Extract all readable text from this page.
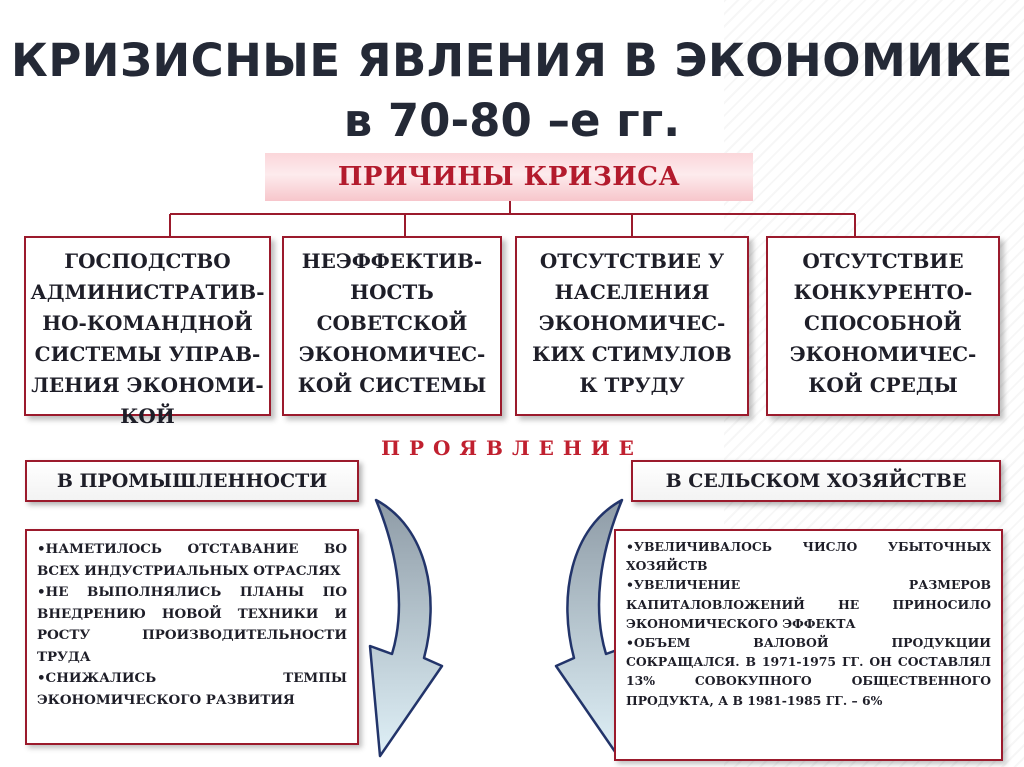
КРИЗИСНЫЕ ЯВЛЕНИЯ В ЭКОНОМИКЕ
в 70-80 –е гг.
ПРИЧИНЫ КРИЗИСА
ГОСПОДСТВО
АДМИНИСТРАТИВ-
НО-КОМАНДНОЙ
СИСТЕМЫ УПРАВ-
ЛЕНИЯ ЭКОНОМИ-
КОЙ
НЕЭФФЕКТИВ-
НОСТЬ
СОВЕТСКОЙ
ЭКОНОМИЧЕС-
КОЙ СИСТЕМЫ
ОТСУТСТВИЕ У
НАСЕЛЕНИЯ
ЭКОНОМИЧЕС-
КИХ СТИМУЛОВ
К ТРУДУ
ОТСУТСТВИЕ
КОНКУРЕНТО-
СПОСОБНОЙ
ЭКОНОМИЧЕС-
КОЙ СРЕДЫ
ПРОЯВЛЕНИЕ
В ПРОМЫШЛЕННОСТИ	В СЕЛЬСКОМ ХОЗЯЙСТВЕ

•НАМЕТИЛОСЬ ОТСТАВАНИЕ ВО ВСЕХ ИНДУСТРИАЛЬНЫХ ОТРАСЛЯХ

•НЕ ВЫПОЛНЯЛИСЬ ПЛАНЫ ПО ВНЕДРЕНИЮ НОВОЙ ТЕХНИКИ И РОСТУ ПРОИЗВОДИТЕЛЬНОСТИ ТРУДА

•СНИЖАЛИСЬ ТЕМПЫ ЭКОНОМИЧЕСКОГО РАЗВИТИЯ

•УВЕЛИЧИВАЛОСЬ ЧИСЛО УБЫТОЧНЫХ ХОЗЯЙСТВ

•УВЕЛИЧЕНИЕ РАЗМЕРОВ КАПИТАЛОВЛОЖЕНИЙ НЕ ПРИНОСИЛО ЭКОНОМИЧЕСКОГО ЭФФЕКТА

•ОБЪЕМ ВАЛОВОЙ ПРОДУКЦИИ СОКРАЩАЛСЯ. В 1971-1975 ГГ. ОН СОСТАВЛЯЛ 13% СОВОКУПНОГО ОБЩЕСТВЕННОГО ПРОДУКТА, А В 1981-1985 ГГ. – 6%
